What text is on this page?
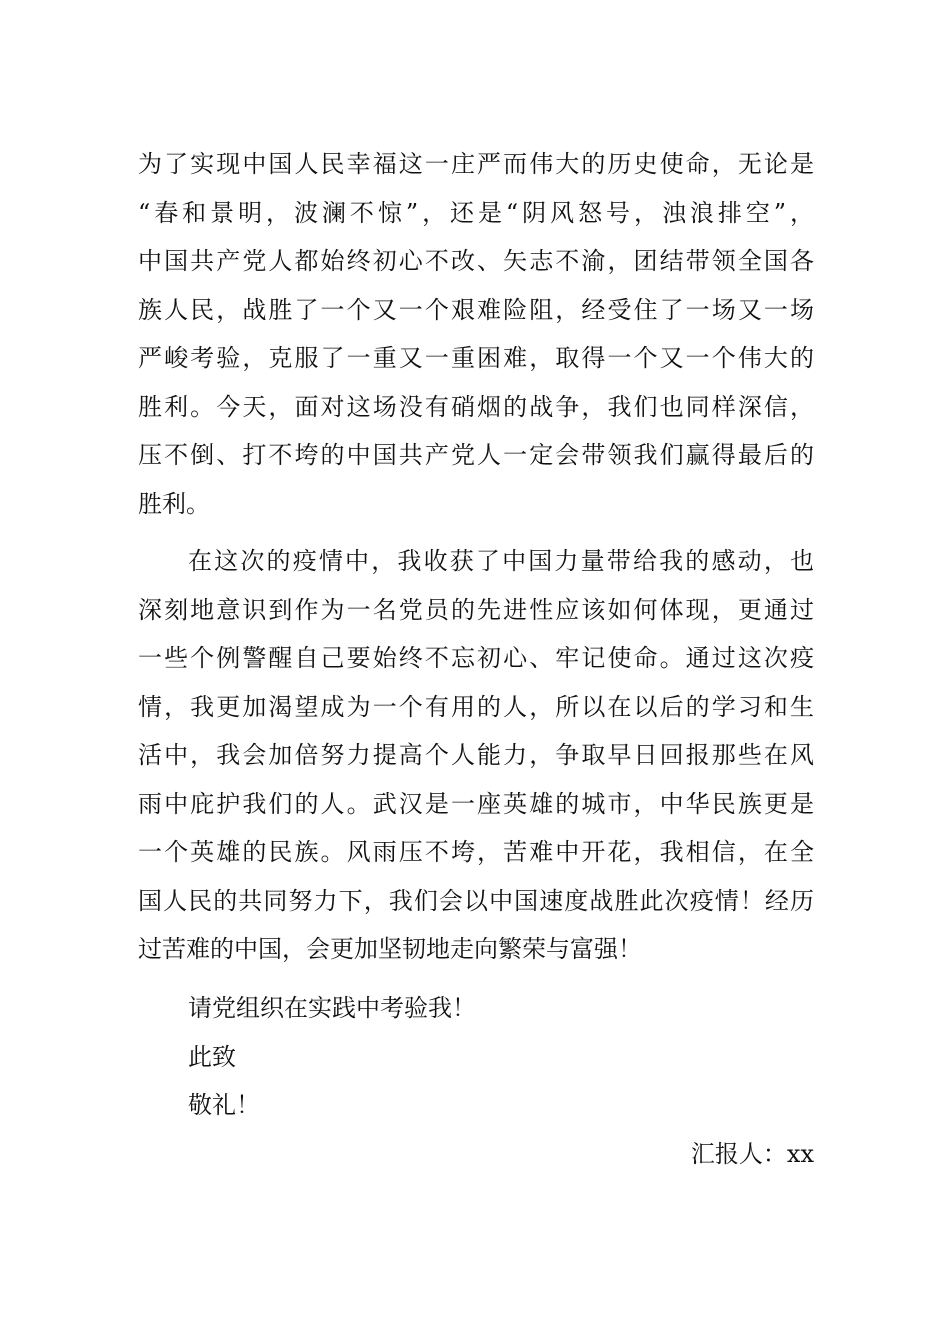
为了实现中国人民幸福这一庄严而伟大的历史使命，无论是
“春和景明，波澜不惊”，还是“阴风怒号，浊浪排空”，
中国共产党人都始终初心不改、矢志不渝，团结带领全国各
族人民，战胜了一个又一个艰难险阻，经受住了一场又一场
严峻考验，克服了一重又一重困难，取得一个又一个伟大的
胜利。今天，面对这场没有硝烟的战争，我们也同样深信，
压不倒、打不垮的中国共产党人一定会带领我们赢得最后的
胜利。
在这次的疫情中，我收获了中国力量带给我的感动，也
深刻地意识到作为一名党员的先进性应该如何体现，更通过
一些个例警醒自己要始终不忘初心、牢记使命。通过这次疫
情，我更加渴望成为一个有用的人，所以在以后的学习和生
活中，我会加倍努力提高个人能力，争取早日回报那些在风
雨中庇护我们的人。武汉是一座英雄的城市，中华民族更是
一个英雄的民族。风雨压不垮，苦难中开花，我相信，在全
国人民的共同努力下，我们会以中国速度战胜此次疫情！经历
过苦难的中国，会更加坚韧地走向繁荣与富强！
请党组织在实践中考验我！
此致
敬礼！
汇报人：xx
